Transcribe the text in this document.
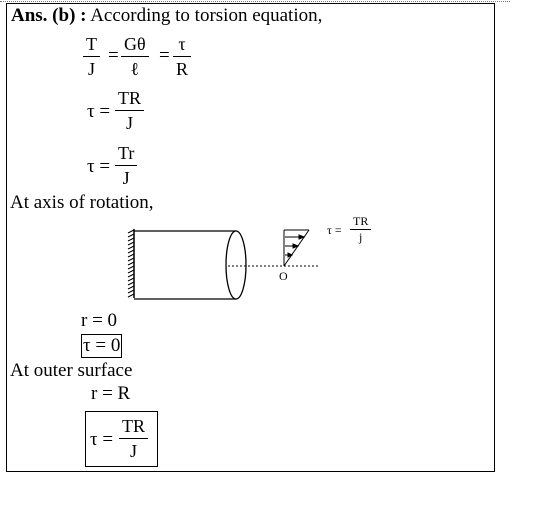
Ans. (b) : According to torsion equation,
T
J
=
Gθ
ℓ
=
τ
R
τ =
TR
J
τ =
Tr
J
At axis of rotation,
τ =
TR
j
O
r = 0
τ = 0
At outer surface
r = R
τ =
TR
J
